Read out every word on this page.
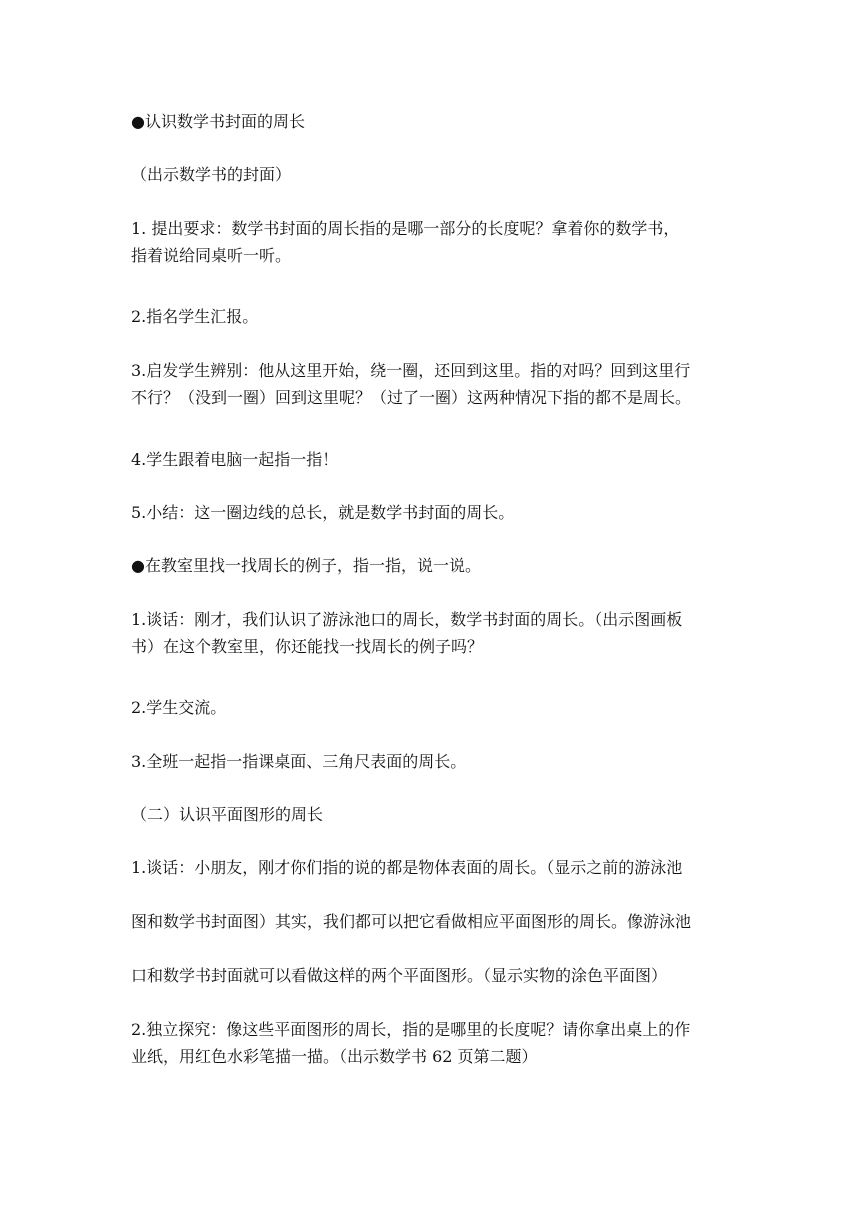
●认识数学书封面的周长

（出示数学书的封面）

1. 提出要求：数学书封面的周长指的是哪一部分的长度呢？拿着你的数学书，
指着说给同桌听一听。

2.指名学生汇报。

3.启发学生辨别：他从这里开始，绕一圈，还回到这里。指的对吗？回到这里行
不行？（没到一圈）回到这里呢？（过了一圈）这两种情况下指的都不是周长。

4.学生跟着电脑一起指一指！

5.小结：这一圈边线的总长，就是数学书封面的周长。

●在教室里找一找周长的例子，指一指，说一说。

1.谈话：刚才，我们认识了游泳池口的周长，数学书封面的周长。（出示图画板
书）在这个教室里，你还能找一找周长的例子吗？

2.学生交流。

3.全班一起指一指课桌面、三角尺表面的周长。

（二）认识平面图形的周长

1.谈话：小朋友，刚才你们指的说的都是物体表面的周长。（显示之前的游泳池
图和数学书封面图）其实，我们都可以把它看做相应平面图形的周长。像游泳池
口和数学书封面就可以看做这样的两个平面图形。（显示实物的涂色平面图）

2.独立探究：像这些平面图形的周长，指的是哪里的长度呢？请你拿出桌上的作
业纸，用红色水彩笔描一描。（出示数学书 62 页第二题）
